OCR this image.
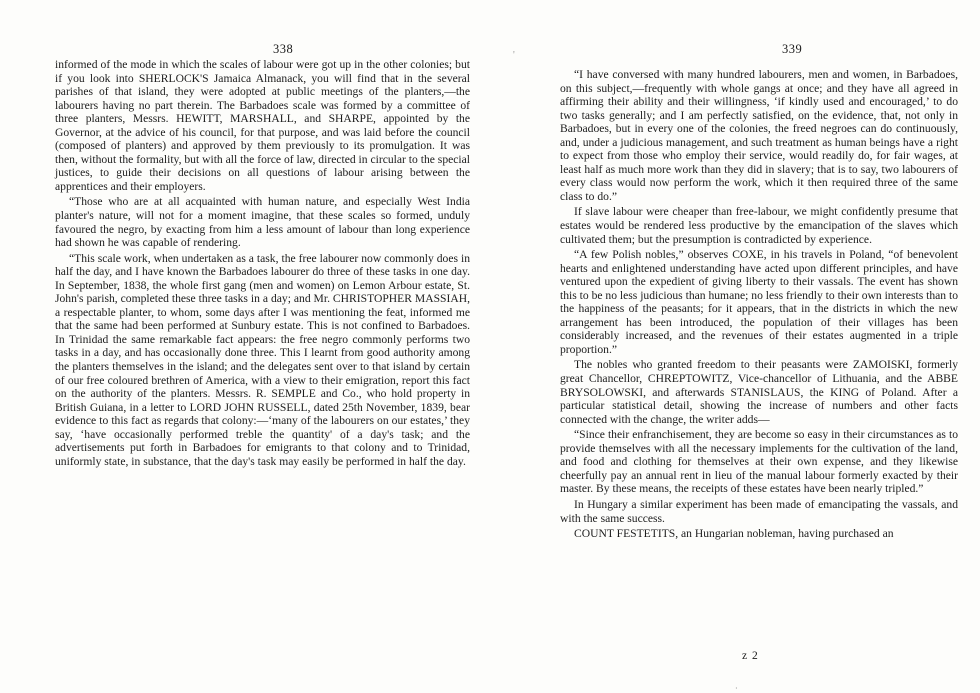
338

informed of the mode in which the scales of labour were got up in the other colonies; but if you look into SHERLOCK'S Jamaica Almanack, you will find that in the several parishes of that island, they were adopted at public meetings of the planters,—the labourers having no part therein. The Barbadoes scale was formed by a committee of three planters, Messrs. HEWITT, MARSHALL, and SHARPE, appointed by the Governor, at the advice of his council, for that purpose, and was laid before the council (composed of planters) and approved by them previously to its promulgation. It was then, without the formality, but with all the force of law, directed in circular to the special justices, to guide their decisions on all questions of labour arising between the apprentices and their employers.

“Those who are at all acquainted with human nature, and especially West India planter's nature, will not for a moment imagine, that these scales so formed, unduly favoured the negro, by exacting from him a less amount of labour than long experience had shown he was capable of rendering.

“This scale work, when undertaken as a task, the free labourer now commonly does in half the day, and I have known the Barbadoes labourer do three of these tasks in one day. In September, 1838, the whole first gang (men and women) on Lemon Arbour estate, St. John's parish, completed these three tasks in a day; and Mr. CHRISTOPHER MASSIAH, a respectable planter, to whom, some days after I was mentioning the feat, informed me that the same had been performed at Sunbury estate. This is not confined to Barbadoes. In Trinidad the same remarkable fact appears: the free negro commonly performs two tasks in a day, and has occasionally done three. This I learnt from good authority among the planters themselves in the island; and the delegates sent over to that island by certain of our free coloured brethren of America, with a view to their emigration, report this fact on the authority of the planters. Messrs. R. SEMPLE and Co., who hold property in British Guiana, in a letter to LORD JOHN RUSSELL, dated 25th November, 1839, bear evidence to this fact as regards that colony:—‘many of the labourers on our estates,’ they say, ‘have occasionally performed treble the quantity' of a day's task; and the advertisements put forth in Barbadoes for emigrants to that colony and to Trinidad, uniformly state, in substance, that the day's task may easily be performed in half the day.

'	339

“I have conversed with many hundred labourers, men and women, in Barbadoes, on this subject,—frequently with whole gangs at once; and they have all agreed in affirming their ability and their willingness, ‘if kindly used and encouraged,’ to do two tasks generally; and I am perfectly satisfied, on the evidence, that, not only in Barbadoes, but in every one of the colonies, the freed negroes can do continuously, and, under a judicious management, and such treatment as human beings have a right to expect from those who employ their service, would readily do, for fair wages, at least half as much more work than they did in slavery; that is to say, two labourers of every class would now perform the work, which it then required three of the same class to do.”

If slave labour were cheaper than free-labour, we might confidently presume that estates would be rendered less productive by the emancipation of the slaves which cultivated them; but the presumption is contradicted by experience.

“A few Polish nobles,” observes COXE, in his travels in Poland, “of benevolent hearts and enlightened understanding have acted upon different principles, and have ventured upon the expedient of giving liberty to their vassals. The event has shown this to be no less judicious than humane; no less friendly to their own interests than to the happiness of the peasants; for it appears, that in the districts in which the new arrangement has been introduced, the population of their villages has been considerably increased, and the revenues of their estates augmented in a triple proportion.”

The nobles who granted freedom to their peasants were ZAMOISKI, formerly great Chancellor, CHREPTOWITZ, Vice-chancellor of Lithuania, and the ABBE BRYSOLOWSKI, and afterwards STANISLAUS, the KING of Poland. After a particular statistical detail, showing the increase of numbers and other facts connected with the change, the writer adds—

“Since their enfranchisement, they are become so easy in their circumstances as to provide themselves with all the necessary implements for the cultivation of the land, and food and clothing for themselves at their own expense, and they likewise cheerfully pay an annual rent in lieu of the manual labour formerly exacted by their master. By these means, the receipts of these estates have been nearly tripled.”

In Hungary a similar experiment has been made of emancipating the vassals, and with the same success.

COUNT FESTETITS, an Hungarian nobleman, having purchased an

z 2
·
